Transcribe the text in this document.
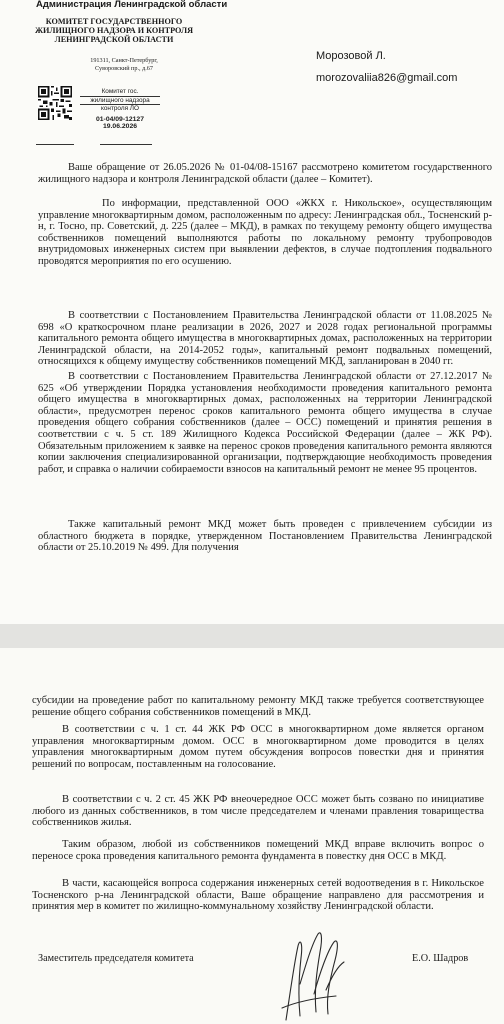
Администрация Ленинградской области
КОМИТЕТ ГОСУДАРСТВЕННОГО ЖИЛИЩНОГО НАДЗОРА И КОНТРОЛЯ ЛЕНИНГРАДСКОЙ ОБЛАСТИ
191311, Санкт-Петербург,
Суворовский пр., д.67
Комитет гос.
жилищного надзора
контроля ЛО
01-04/09-12127
19.06.2026
Морозовой Л.
morozovaliia826@gmail.com

Ваше обращение от 26.05.2026 № 01-04/08-15167 рассмотрено комитетом государственного жилищного надзора и контроля Ленинградской области (далее – Комитет).

По информации, представленной ООО «ЖКХ г. Никольское», осуществляющим управление многоквартирным домом, расположенным по адресу: Ленинградская обл., Тосненский р-н, г. Тосно, пр. Советский, д. 225 (далее – МКД), в рамках по текущему ремонту общего имущества собственников помещений выполняются работы по локальному ремонту трубопроводов внутридомовых инженерных систем при выявлении дефектов, в случае подтопления подвального проводятся мероприятия по его осушению.

В соответствии с Постановлением Правительства Ленинградской области от 11.08.2025 № 698 «О краткосрочном плане реализации в 2026, 2027 и 2028 годах региональной программы капитального ремонта общего имущества в многоквартирных домах, расположенных на территории Ленинградской области, на 2014-2052 годы», капитальный ремонт подвальных помещений, относящихся к общему имуществу собственников помещений МКД, запланирован в 2040 гг.

В соответствии с Постановлением Правительства Ленинградской области от 27.12.2017 № 625 «Об утверждении Порядка установления необходимости проведения капитального ремонта общего имущества в многоквартирных домах, расположенных на территории Ленинградской области», предусмотрен перенос сроков капитального ремонта общего имущества в случае проведения общего собрания собственников (далее – ОСС) помещений и принятия решения в соответствии с ч. 5 ст. 189 Жилищного Кодекса Российской Федерации (далее – ЖК РФ). Обязательным приложением к заявке на перенос сроков проведения капитального ремонта являются копии заключения специализированной организации, подтверждающие необходимость проведения работ, и справка о наличии собираемости взносов на капитальный ремонт не менее 95 процентов.

Также капитальный ремонт МКД может быть проведен с привлечением субсидии из областного бюджета в порядке, утвержденном Постановлением Правительства Ленинградской области от 25.10.2019 № 499. Для получения

субсидии на проведение работ по капитальному ремонту МКД также требуется соответствующее решение общего собрания собственников помещений в МКД.

В соответствии с ч. 1 ст. 44 ЖК РФ ОСС в многоквартирном доме является органом управления многоквартирным домом. ОСС в многоквартирном доме проводится в целях управления многоквартирным домом путем обсуждения вопросов повестки дня и принятия решений по вопросам, поставленным на голосование.

В соответствии с ч. 2 ст. 45 ЖК РФ внеочередное ОСС может быть созвано по инициативе любого из данных собственников, в том числе председателем и членами правления товарищества собственников жилья.

Таким образом, любой из собственников помещений МКД вправе включить вопрос о переносе срока проведения капитального ремонта фундамента в повестку дня ОСС в МКД.

В части, касающейся вопроса содержания инженерных сетей водоотведения в г. Никольское Тосненского р-на Ленинградской области, Ваше обращение направлено для рассмотрения и принятия мер в комитет по жилищно-коммунальному хозяйству Ленинградской области.

Заместитель председателя комитета	Е.О. Шадров
